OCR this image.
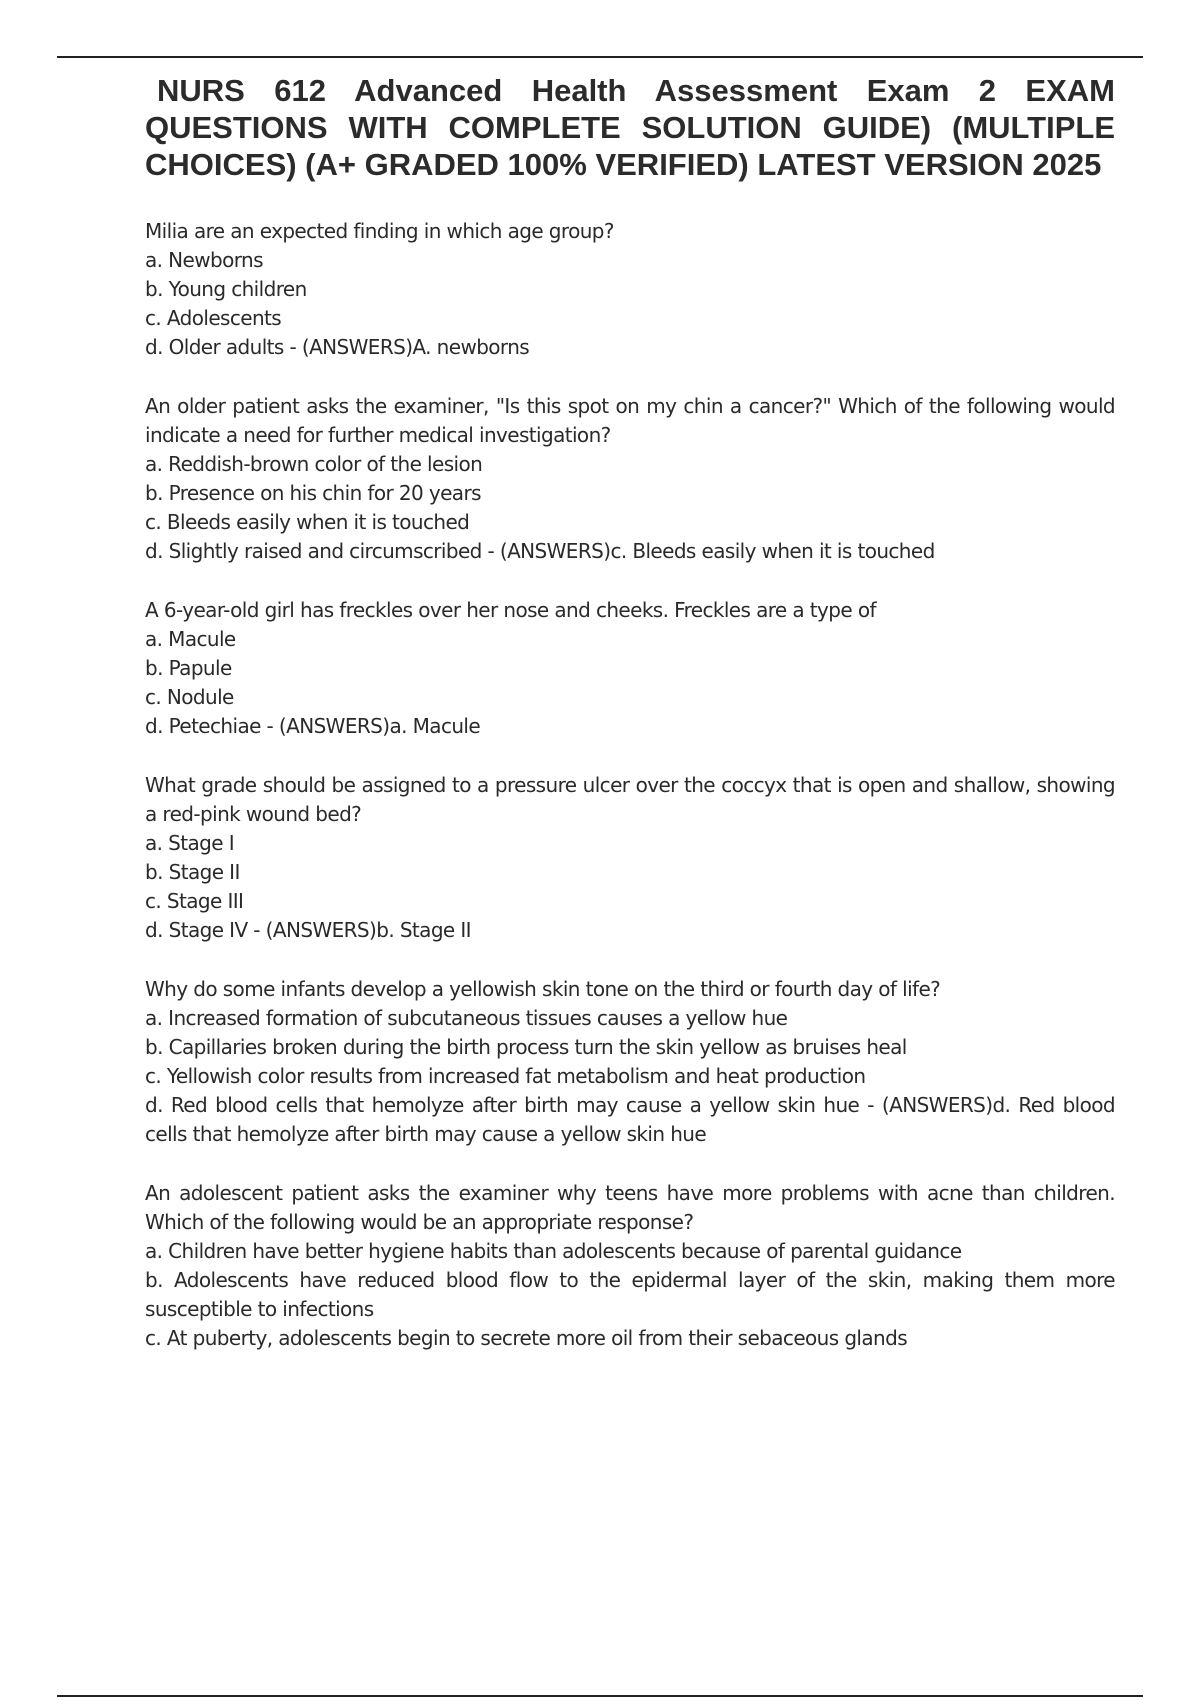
NURS 612 Advanced Health Assessment Exam 2 EXAM QUESTIONS WITH COMPLETE SOLUTION GUIDE) (MULTIPLE CHOICES) (A+ GRADED 100% VERIFIED) LATEST VERSION 2025

Milia are an expected finding in which age group?

a. Newborns

b. Young children

c. Adolescents

d. Older adults - (ANSWERS)A. newborns

An older patient asks the examiner, "Is this spot on my chin a cancer?" Which of the following would indicate a need for further medical investigation?

a. Reddish-brown color of the lesion

b. Presence on his chin for 20 years

c. Bleeds easily when it is touched

d. Slightly raised and circumscribed - (ANSWERS)c. Bleeds easily when it is touched

A 6-year-old girl has freckles over her nose and cheeks. Freckles are a type of

a. Macule

b. Papule

c. Nodule

d. Petechiae - (ANSWERS)a. Macule

What grade should be assigned to a pressure ulcer over the coccyx that is open and shallow, showing a red-pink wound bed?

a. Stage I

b. Stage II

c. Stage III

d. Stage IV - (ANSWERS)b. Stage II

Why do some infants develop a yellowish skin tone on the third or fourth day of life?

a. Increased formation of subcutaneous tissues causes a yellow hue

b. Capillaries broken during the birth process turn the skin yellow as bruises heal

c. Yellowish color results from increased fat metabolism and heat production

d. Red blood cells that hemolyze after birth may cause a yellow skin hue - (ANSWERS)d. Red blood cells that hemolyze after birth may cause a yellow skin hue

An adolescent patient asks the examiner why teens have more problems with acne than children. Which of the following would be an appropriate response?

a. Children have better hygiene habits than adolescents because of parental guidance

b. Adolescents have reduced blood flow to the epidermal layer of the skin, making them more susceptible to infections

c. At puberty, adolescents begin to secrete more oil from their sebaceous glands
